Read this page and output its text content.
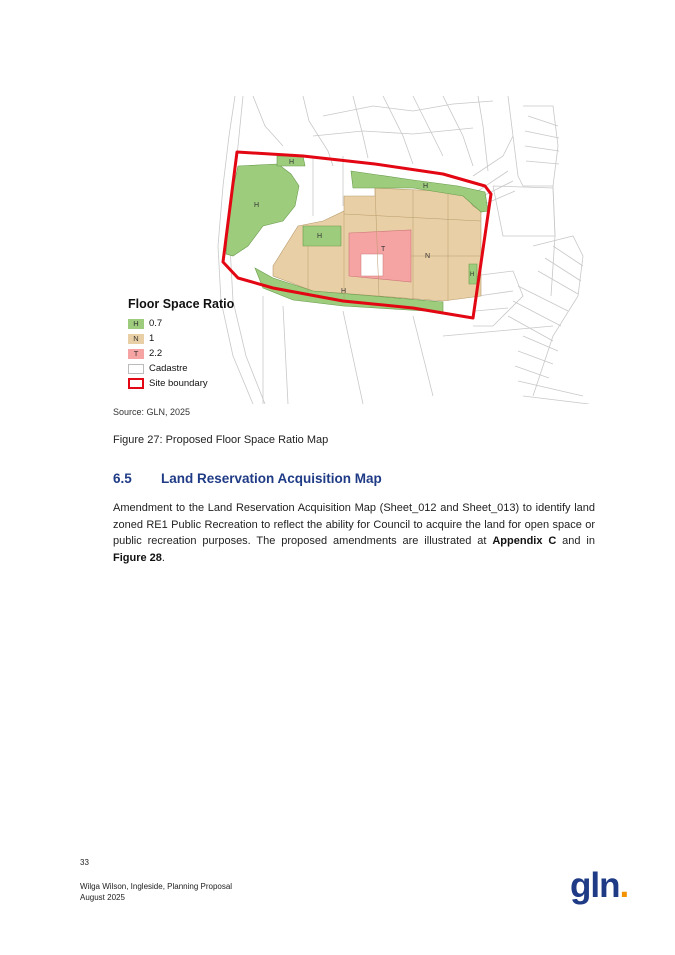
H
H
H
H
H
H
N
T
Floor Space Ratio
H	0.7
N	1
T	2.2
Cadastre
Site boundary
Source: GLN, 2025
Figure 27: Proposed Floor Space Ratio Map
6.5 Land Reservation Acquisition Map
Amendment to the Land Reservation Acquisition Map (Sheet_012 and Sheet_013) to identify land zoned RE1 Public Recreation to reflect the ability for Council to acquire the land for open space or public recreation purposes. The proposed amendments are illustrated at Appendix C and in Figure 28.
33
Wilga Wilson, Ingleside, Planning Proposal
August 2025	gln.
